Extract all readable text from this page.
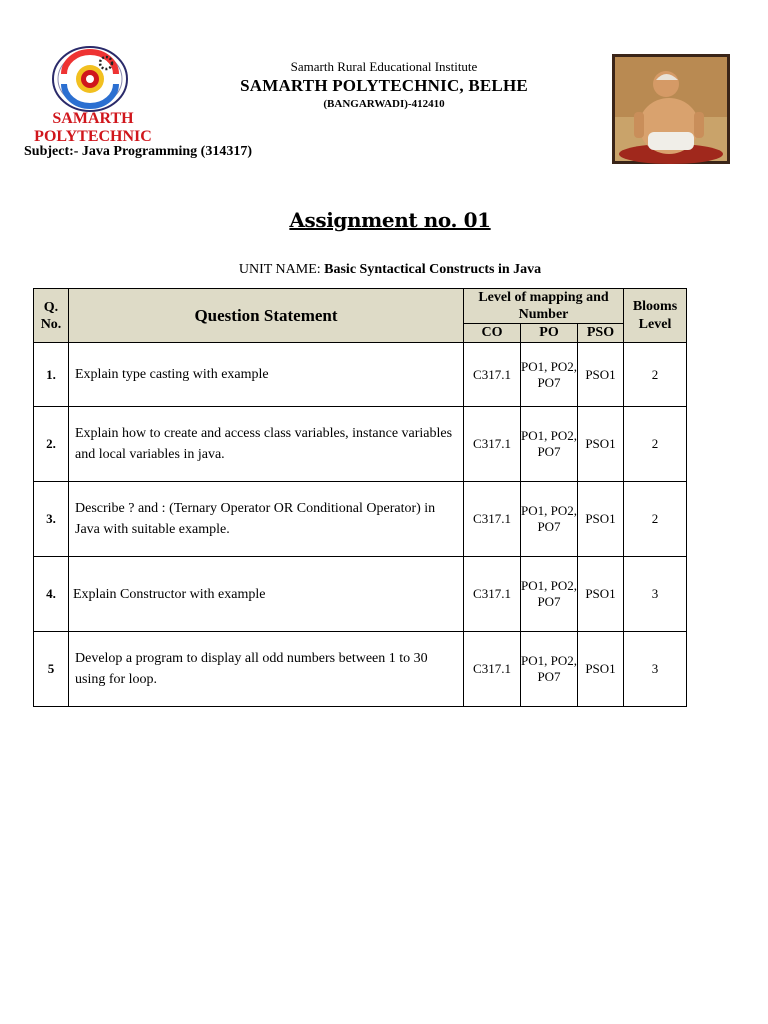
SAMARTH
POLYTECHNIC
Samarth Rural Educational Institute
SAMARTH POLYTECHNIC, BELHE
(BANGARWADI)-412410
Subject:- Java Programming (314317)
Assignment no. 01
UNIT NAME: Basic Syntactical Constructs in Java
Q. No.	Question Statement	Level of mapping and Number			Blooms Level
		CO	PO	PSO	
1.	Explain type casting with example	C317.1	PO1, PO2, PO7	PSO1	2
2.	Explain how to create and access class variables, instance variables and local variables in java.	C317.1	PO1, PO2, PO7	PSO1	2
3.	Describe ? and : (Ternary Operator OR Conditional Operator) in Java with suitable example.	C317.1	PO1, PO2, PO7	PSO1	2
4.	Explain Constructor with example	C317.1	PO1, PO2, PO7	PSO1	3
5	Develop a program to display all odd numbers between 1 to 30 using for loop.	C317.1	PO1, PO2, PO7	PSO1	3
